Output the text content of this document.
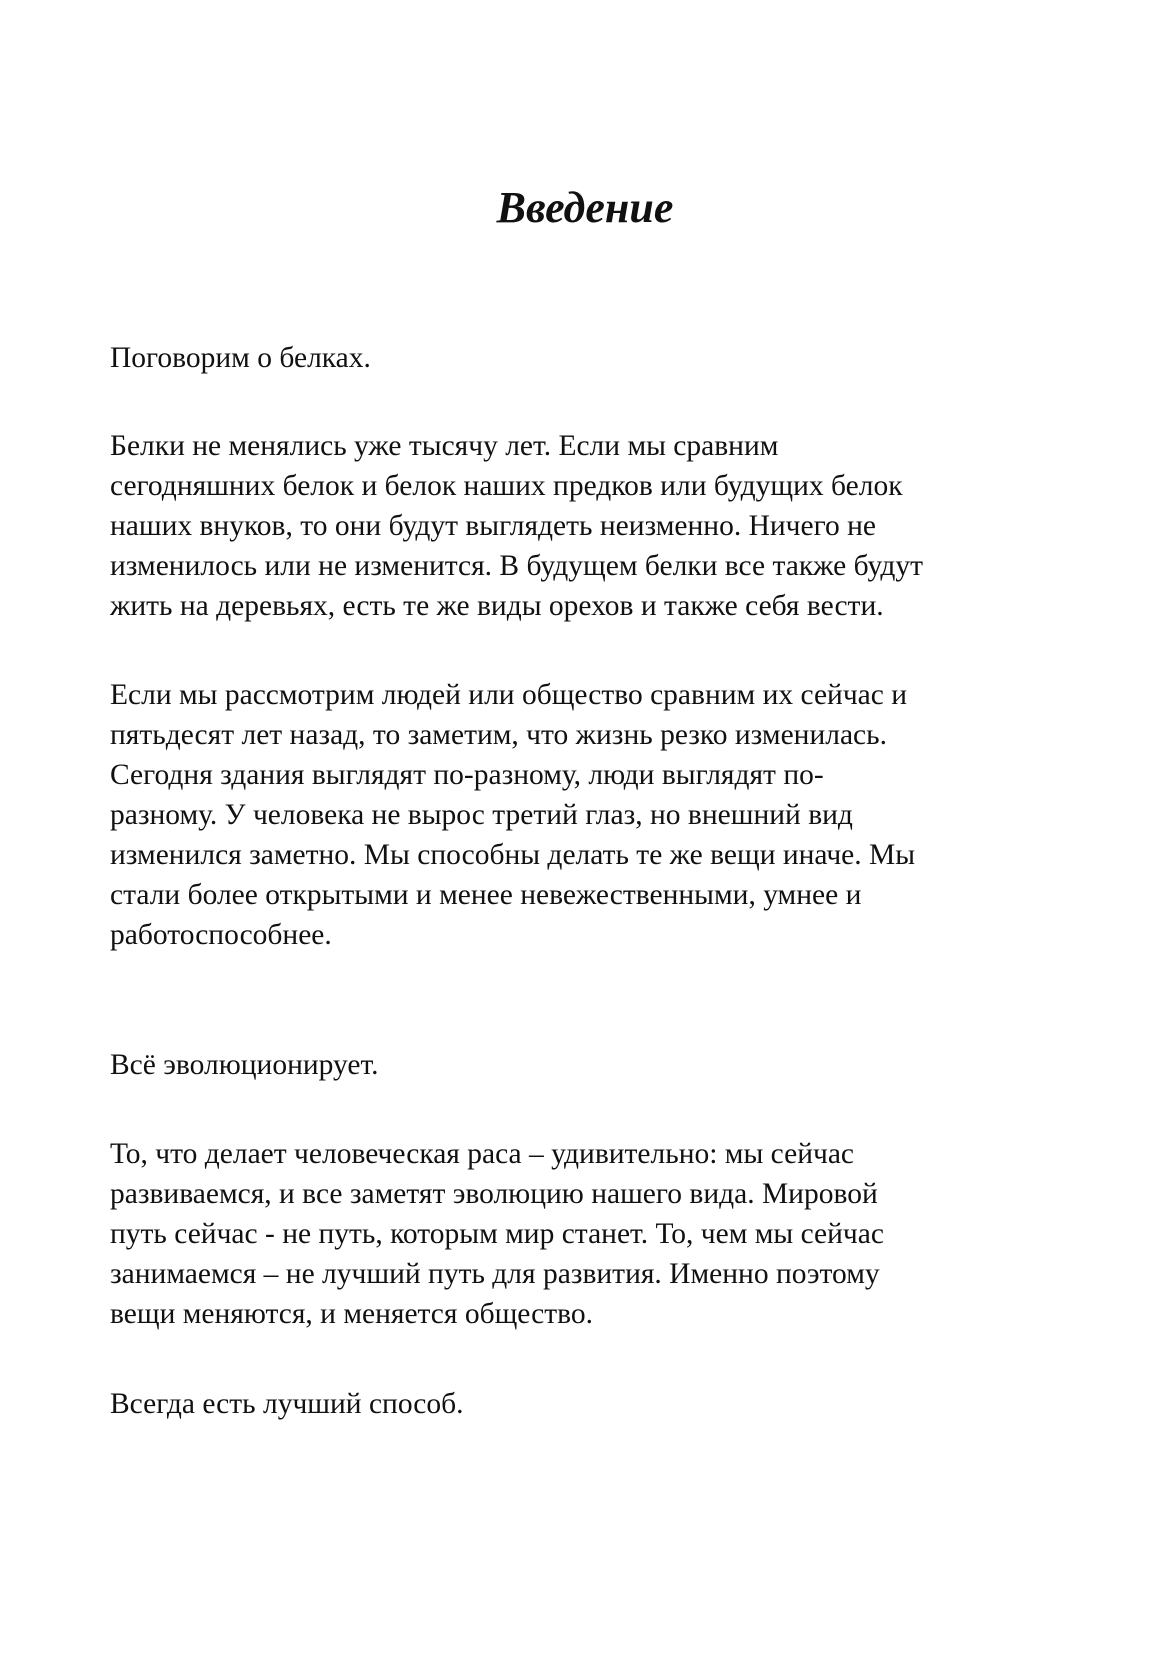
Введение

Поговорим о белках.

Белки не менялись уже тысячу лет. Если мы сравним

сегодняшних белок и белок наших предков или будущих белок

наших внуков, то они будут выглядеть неизменно. Ничего не

изменилось или не изменится. В будущем белки все также будут

жить на деревьях, есть те же виды орехов и также себя вести.

Если мы рассмотрим людей или общество сравним их сейчас и

пятьдесят лет назад, то заметим, что жизнь резко изменилась.

Сегодня здания выглядят по-разному, люди выглядят по-

разному. У человека не вырос третий глаз, но внешний вид

изменился заметно. Мы способны делать те же вещи иначе. Мы

стали более открытыми и менее невежественными, умнее и

работоспособнее.

Всё эволюционирует.

То, что делает человеческая раса – удивительно: мы сейчас

развиваемся, и все заметят эволюцию нашего вида. Мировой

путь сейчас - не путь, которым мир станет. То, чем мы сейчас

занимаемся – не лучший путь для развития. Именно поэтому

вещи меняются, и меняется общество.

Всегда есть лучший способ.
